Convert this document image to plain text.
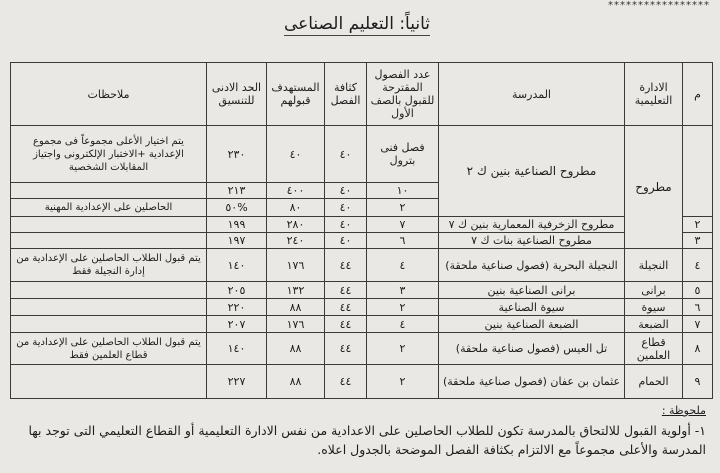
*****************
ثانياً: التعليم الصناعى
م	الادارة التعليمية	المدرسة	عدد الفصول المقترحة للقبول بالصف الأول	كثافة الفصل	المستهدف قبولهم	الحد الادنى للتنسيق	ملاحظات
	مطروح	مطروح الصناعية بنين ك ٢	فصل فنى بترول	٤٠	٤٠	٢٣٠	يتم اختيار الأعلى مجموعاً فى مجموع الإعدادية +الاختبار الإلكترونى واجتياز المقابلات الشخصية
			١٠	٤٠	٤٠٠	٢١٣	
			٢	٤٠	٨٠	%٥٠	الحاصلين على الإعدادية المهنية
٢		مطروح الزخرفية المعمارية بنين ك ٧	٧	٤٠	٢٨٠	١٩٩	
٣		مطروح الصناعية بنات ك ٧	٦	٤٠	٢٤٠	١٩٧	
٤	النجيلة	النجيلة البحرية (فصول صناعية ملحقة)	٤	٤٤	١٧٦	١٤٠	يتم قبول الطلاب الحاصلين على الإعدادية من إدارة النجيلة فقط
٥	برانى	برانى الصناعية بنين	٣	٤٤	١٣٢	٢٠٥	
٦	سيوة	سيوة الصناعية	٢	٤٤	٨٨	٢٢٠	
٧	الضبعة	الضبعة الصناعية بنين	٤	٤٤	١٧٦	٢٠٧	
٨	قطاع العلمين	تل العيس (فصول صناعية ملحقة)	٢	٤٤	٨٨	١٤٠	يتم قبول الطلاب الحاصلين على الإعدادية من قطاع العلمين فقط
٩	الحمام	عثمان بن عفان (فصول صناعية ملحقة)	٢	٤٤	٨٨	٢٢٧	
ملحوظة :
١- أولوية القبول للالتحاق بالمدرسة تكون للطلاب الحاصلين على الاعدادية من نفس الادارة التعليمية أو القطاع التعليمي التى توجد بها المدرسة والأعلى مجموعاً مع الالتزام بكثافة الفصل الموضحة بالجدول اعلاه.
